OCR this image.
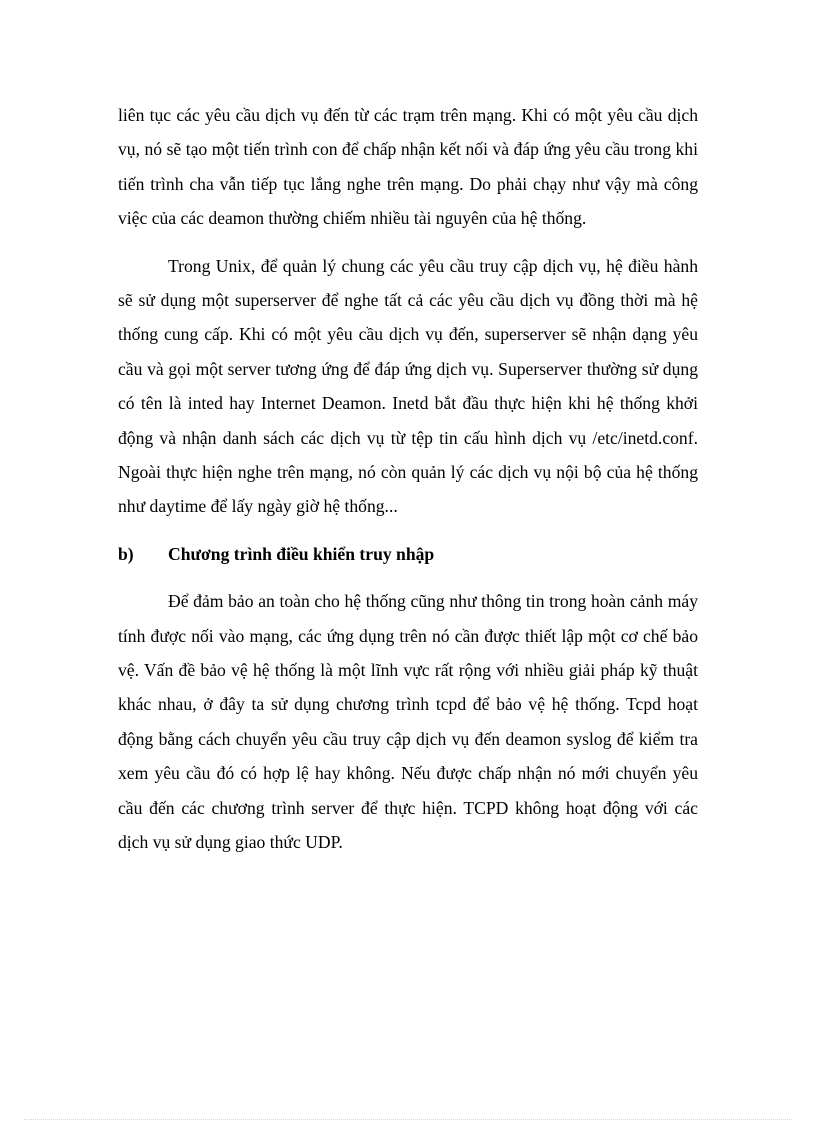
liên tục các yêu cầu dịch vụ đến từ các trạm trên mạng. Khi có một yêu cầu dịch vụ, nó sẽ tạo một tiến trình con để chấp nhận kết nối và đáp ứng yêu cầu trong khi tiến trình cha vẫn tiếp tục lắng nghe trên mạng. Do phải chạy như vậy mà công việc của các deamon thường chiếm nhiều tài nguyên của hệ thống.

Trong Unix, để quản lý chung các yêu cầu truy cập dịch vụ, hệ điều hành sẽ sử dụng một superserver để nghe tất cả các yêu cầu dịch vụ đồng thời mà hệ thống cung cấp. Khi có một yêu cầu dịch vụ đến, superserver sẽ nhận dạng yêu cầu và gọi một server tương ứng để đáp ứng dịch vụ. Superserver thường sử dụng có tên là inted hay Internet Deamon. Inetd bắt đầu thực hiện khi hệ thống khởi động và nhận danh sách các dịch vụ từ tệp tin cấu hình dịch vụ /etc/inetd.conf. Ngoài thực hiện nghe trên mạng, nó còn quản lý các dịch vụ nội bộ của hệ thống như daytime để lấy ngày giờ hệ thống...

b)	Chương trình điều khiển truy nhập

Để đảm bảo an toàn cho hệ thống cũng như thông tin trong hoàn cảnh máy tính được nối vào mạng, các ứng dụng trên nó cần được thiết lập một cơ chế bảo vệ. Vấn đề bảo vệ hệ thống là một lĩnh vực rất rộng với nhiều giải pháp kỹ thuật khác nhau, ở đây ta sử dụng chương trình tcpd để bảo vệ hệ thống. Tcpd hoạt động bằng cách chuyển yêu cầu truy cập dịch vụ đến deamon syslog để kiểm tra xem yêu cầu đó có hợp lệ hay không. Nếu được chấp nhận nó mới chuyển yêu cầu đến các chương trình server để thực hiện. TCPD không hoạt động với các dịch vụ sử dụng giao thức UDP.
